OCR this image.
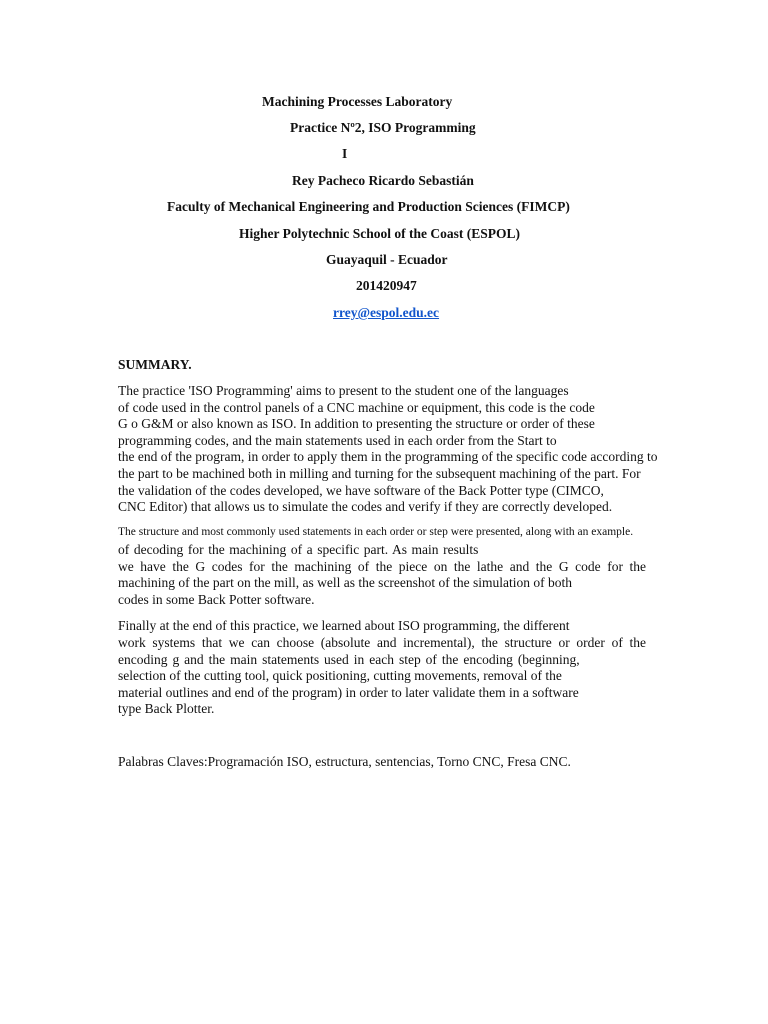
Machining Processes Laboratory
Practice Nº2, ISO Programming
I
Rey Pacheco Ricardo Sebastián
Faculty of Mechanical Engineering and Production Sciences (FIMCP)
Higher Polytechnic School of the Coast (ESPOL)
Guayaquil - Ecuador
201420947
rrey@espol.edu.ec
SUMMARY.
The practice 'ISO Programming' aims to present to the student one of the languages
of code used in the control panels of a CNC machine or equipment, this code is the code
G o G&M or also known as ISO. In addition to presenting the structure or order of these
programming codes, and the main statements used in each order from the Start to
the end of the program, in order to apply them in the programming of the specific code according to
the part to be machined both in milling and turning for the subsequent machining of the part. For
the validation of the codes developed, we have software of the Back Potter type (CIMCO,
CNC Editor) that allows us to simulate the codes and verify if they are correctly developed.
The structure and most commonly used statements in each order or step were presented, along with an example.
of decoding for the machining of a specific part. As main results
we have the G codes for the machining of the piece on the lathe and the G code for the
machining of the part on the mill, as well as the screenshot of the simulation of both
codes in some Back Potter software.
Finally at the end of this practice, we learned about ISO programming, the different
work systems that we can choose (absolute and incremental), the structure or order of the
encoding g and the main statements used in each step of the encoding (beginning,
selection of the cutting tool, quick positioning, cutting movements, removal of the
material outlines and end of the program) in order to later validate them in a software
type Back Plotter.
Palabras Claves:Programación ISO, estructura, sentencias, Torno CNC, Fresa CNC.
